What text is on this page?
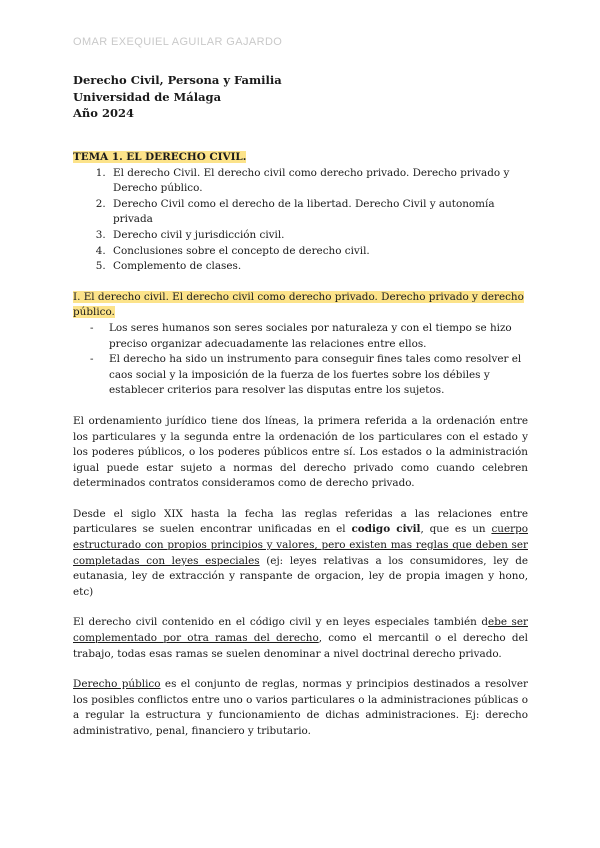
OMAR EXEQUIEL AGUILAR GAJARDO
Derecho Civil, Persona y Familia
Universidad de Málaga
Año 2024

TEMA 1. EL DERECHO CIVIL.

1. El derecho Civil. El derecho civil como derecho privado. Derecho privado y Derecho público.
2. Derecho Civil como el derecho de la libertad. Derecho Civil y autonomía privada
3. Derecho civil y jurisdicción civil.
4. Conclusiones sobre el concepto de derecho civil.
5. Complemento de clases.

I. El derecho civil. El derecho civil como derecho privado. Derecho privado y derecho público.

- Los seres humanos son seres sociales por naturaleza y con el tiempo se hizo preciso organizar adecuadamente las relaciones entre ellos.
- El derecho ha sido un instrumento para conseguir fines tales como resolver el caos social y la imposición de la fuerza de los fuertes sobre los débiles y establecer criterios para resolver las disputas entre los sujetos.

El ordenamiento jurídico tiene dos líneas, la primera referida a la ordenación entre los particulares y la segunda entre la ordenación de los particulares con el estado y los poderes públicos, o los poderes públicos entre sí. Los estados o la administración igual puede estar sujeto a normas del derecho privado como cuando celebren determinados contratos consideramos como de derecho privado.

Desde el siglo XIX hasta la fecha las reglas referidas a las relaciones entre particulares se suelen encontrar unificadas en el codigo civil, que es un cuerpo estructurado con propios principios y valores, pero existen mas reglas que deben ser completadas con leyes especiales (ej: leyes relativas a los consumidores, ley de eutanasia, ley de extracción y ranspante de orgacion, ley de propia imagen y hono, etc)

El derecho civil contenido en el código civil y en leyes especiales también debe ser complementado por otra ramas del derecho, como el mercantil o el derecho del trabajo, todas esas ramas se suelen denominar a nivel doctrinal derecho privado.

Derecho público es el conjunto de reglas, normas y principios destinados a resolver los posibles conflictos entre uno o varios particulares o la administraciones públicas o a regular la estructura y funcionamiento de dichas administraciones. Ej: derecho administrativo, penal, financiero y tributario.
